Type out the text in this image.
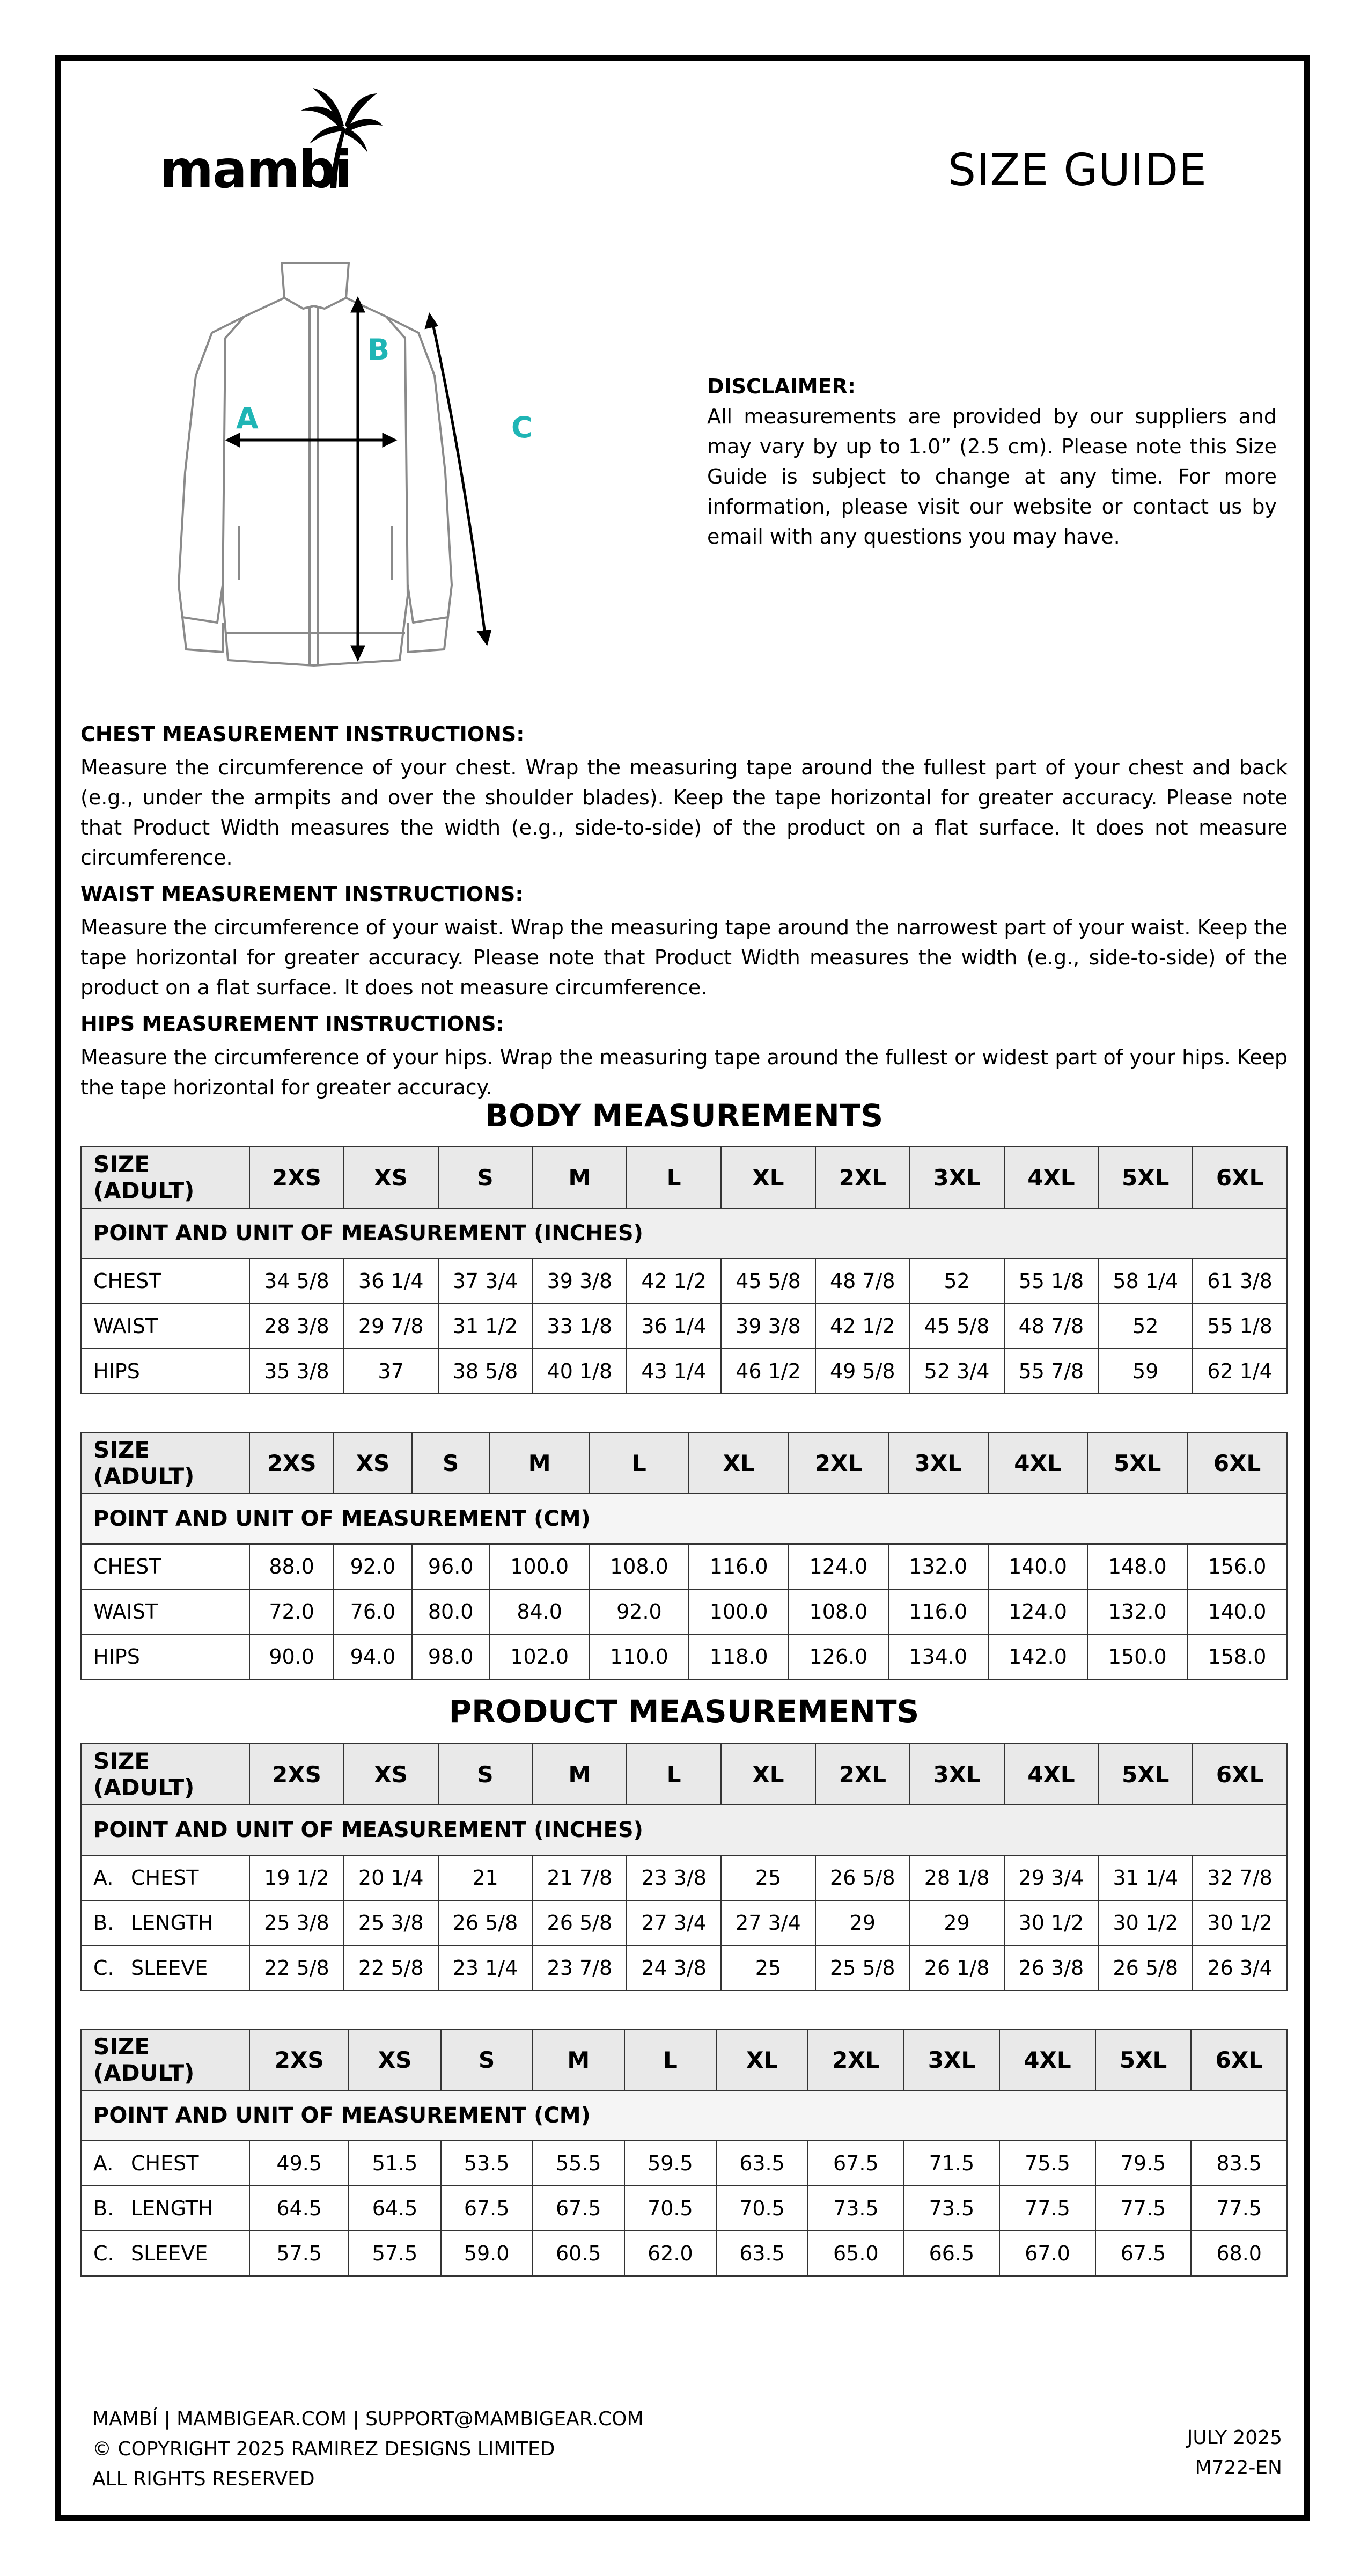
mambi	SIZE GUIDE
A
B
C
DISCLAIMER:
All measurements are provided by our suppliers and may vary by up to 1.0” (2.5 cm). Please note this Size Guide is subject to change at any time. For more information, please visit our website or contact us by email with any questions you may have.
CHEST MEASUREMENT INSTRUCTIONS:

Measure the circumference of your chest. Wrap the measuring tape around the fullest part of your chest and back (e.g., under the armpits and over the shoulder blades). Keep the tape horizontal for greater accuracy. Please note that Product Width measures the width (e.g., side-to-side) of the product on a flat surface. It does not measure circumference.

WAIST MEASUREMENT INSTRUCTIONS:

Measure the circumference of your waist. Wrap the measuring tape around the narrowest part of your waist. Keep the tape horizontal for greater accuracy. Please note that Product Width measures the width (e.g., side-to-side) of the product on a flat surface. It does not measure circumference.

HIPS MEASUREMENT INSTRUCTIONS:

Measure the circumference of your hips. Wrap the measuring tape around the fullest or widest part of your hips. Keep the tape horizontal for greater accuracy.

BODY MEASUREMENTS
SIZE (ADULT)	2XS	XS	S	M	L	XL	2XL	3XL	4XL	5XL	6XL
POINT AND UNIT OF MEASUREMENT (INCHES)											
CHEST	34 5/8	36 1/4	37 3/4	39 3/8	42 1/2	45 5/8	48 7/8	52	55 1/8	58 1/4	61 3/8
WAIST	28 3/8	29 7/8	31 1/2	33 1/8	36 1/4	39 3/8	42 1/2	45 5/8	48 7/8	52	55 1/8
HIPS	35 3/8	37	38 5/8	40 1/8	43 1/4	46 1/2	49 5/8	52 3/4	55 7/8	59	62 1/4
SIZE (ADULT)	2XS	XS	S	M	L	XL	2XL	3XL	4XL	5XL	6XL
POINT AND UNIT OF MEASUREMENT (CM)											
CHEST	88.0	92.0	96.0	100.0	108.0	116.0	124.0	132.0	140.0	148.0	156.0
WAIST	72.0	76.0	80.0	84.0	92.0	100.0	108.0	116.0	124.0	132.0	140.0
HIPS	90.0	94.0	98.0	102.0	110.0	118.0	126.0	134.0	142.0	150.0	158.0
PRODUCT MEASUREMENTS
SIZE (ADULT)	2XS	XS	S	M	L	XL	2XL	3XL	4XL	5XL	6XL
POINT AND UNIT OF MEASUREMENT (INCHES)											
A. CHEST	19 1/2	20 1/4	21	21 7/8	23 3/8	25	26 5/8	28 1/8	29 3/4	31 1/4	32 7/8
B. LENGTH	25 3/8	25 3/8	26 5/8	26 5/8	27 3/4	27 3/4	29	29	30 1/2	30 1/2	30 1/2
C. SLEEVE	22 5/8	22 5/8	23 1/4	23 7/8	24 3/8	25	25 5/8	26 1/8	26 3/8	26 5/8	26 3/4
SIZE (ADULT)	2XS	XS	S	M	L	XL	2XL	3XL	4XL	5XL	6XL
POINT AND UNIT OF MEASUREMENT (CM)											
A. CHEST	49.5	51.5	53.5	55.5	59.5	63.5	67.5	71.5	75.5	79.5	83.5
B. LENGTH	64.5	64.5	67.5	67.5	70.5	70.5	73.5	73.5	77.5	77.5	77.5
C. SLEEVE	57.5	57.5	59.0	60.5	62.0	63.5	65.0	66.5	67.0	67.5	68.0
MAMBÍ | MAMBIGEAR.COM | SUPPORT@MAMBIGEAR.COM
© COPYRIGHT 2025 RAMIREZ DESIGNS LIMITED
ALL RIGHTS RESERVED
JULY 2025
M722-EN
